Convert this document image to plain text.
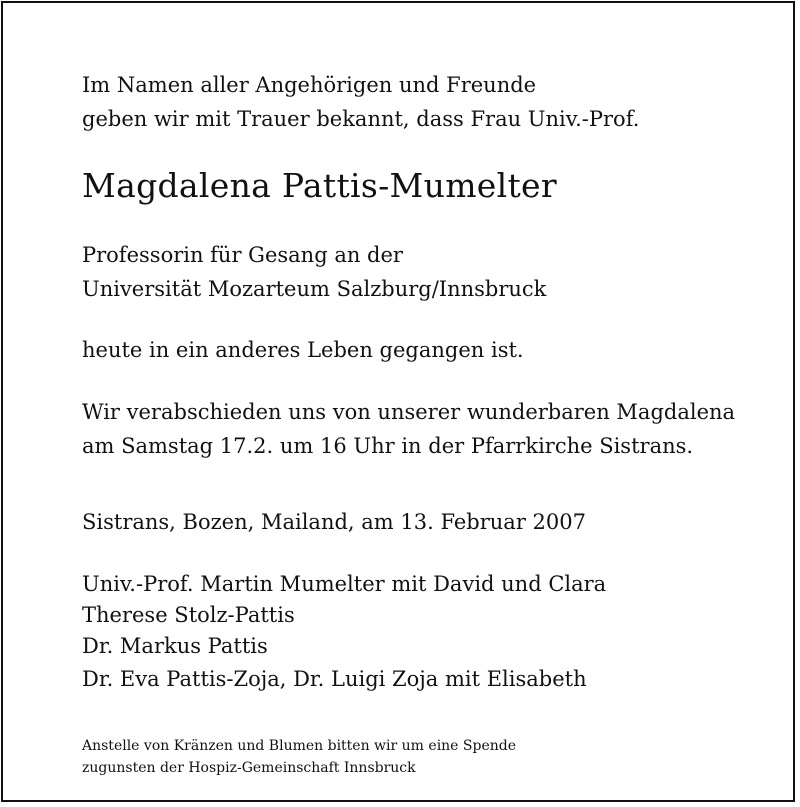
Im Namen aller Angehörigen und Freunde
geben wir mit Trauer bekannt, dass Frau Univ.-Prof.
Magdalena Pattis-Mumelter
Professorin für Gesang an der
Universität Mozarteum Salzburg/Innsbruck
heute in ein anderes Leben gegangen ist.
Wir verabschieden uns von unserer wunderbaren Magdalena
am Samstag 17.2. um 16 Uhr in der Pfarrkirche Sistrans.
Sistrans, Bozen, Mailand, am 13. Februar 2007
Univ.-Prof. Martin Mumelter mit David und Clara
Therese Stolz-Pattis
Dr. Markus Pattis
Dr. Eva Pattis-Zoja, Dr. Luigi Zoja mit Elisabeth
Anstelle von Kränzen und Blumen bitten wir um eine Spende
zugunsten der Hospiz-Gemeinschaft Innsbruck
